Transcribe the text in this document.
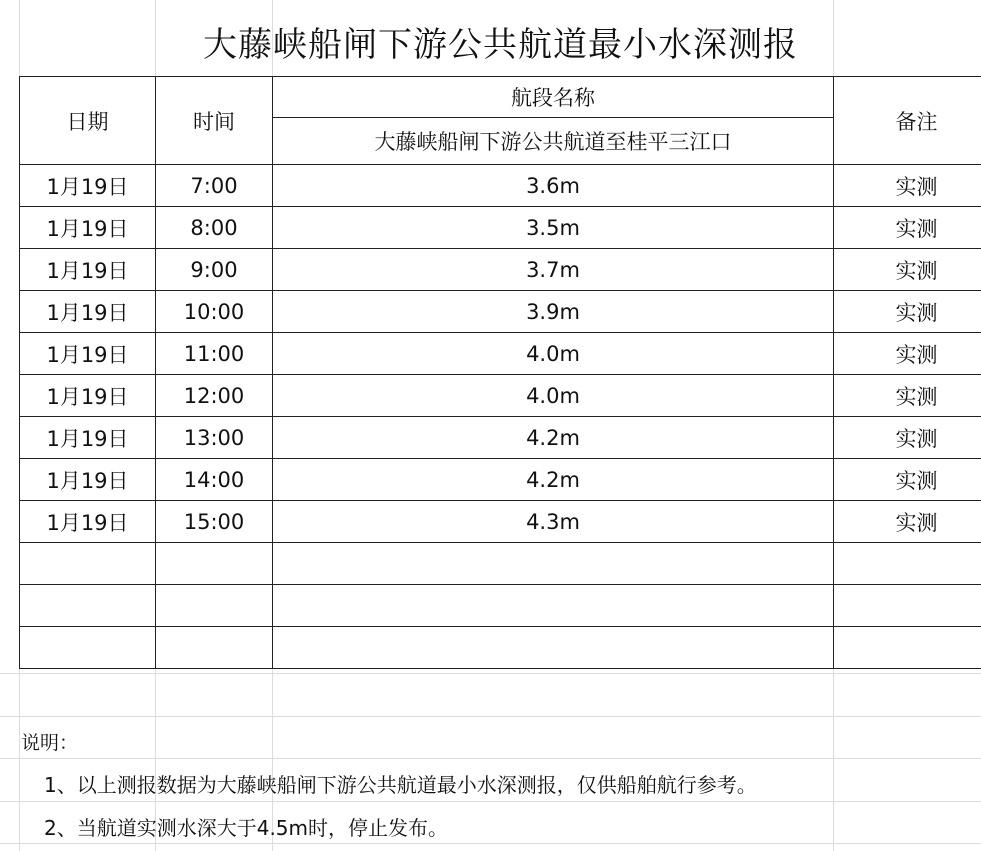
大藤峡船闸下游公共航道最小水深测报
日期	时间	航段名称	备注
		大藤峡船闸下游公共航道至桂平三江口	
1月19日	7:00	3.6m	实测
1月19日	8:00	3.5m	实测
1月19日	9:00	3.7m	实测
1月19日	10:00	3.9m	实测
1月19日	11:00	4.0m	实测
1月19日	12:00	4.0m	实测
1月19日	13:00	4.2m	实测
1月19日	14:00	4.2m	实测
1月19日	15:00	4.3m	实测

说明：
1、以上测报数据为大藤峡船闸下游公共航道最小水深测报，仅供船舶航行参考。
2、当航道实测水深大于4.5m时，停止发布。
